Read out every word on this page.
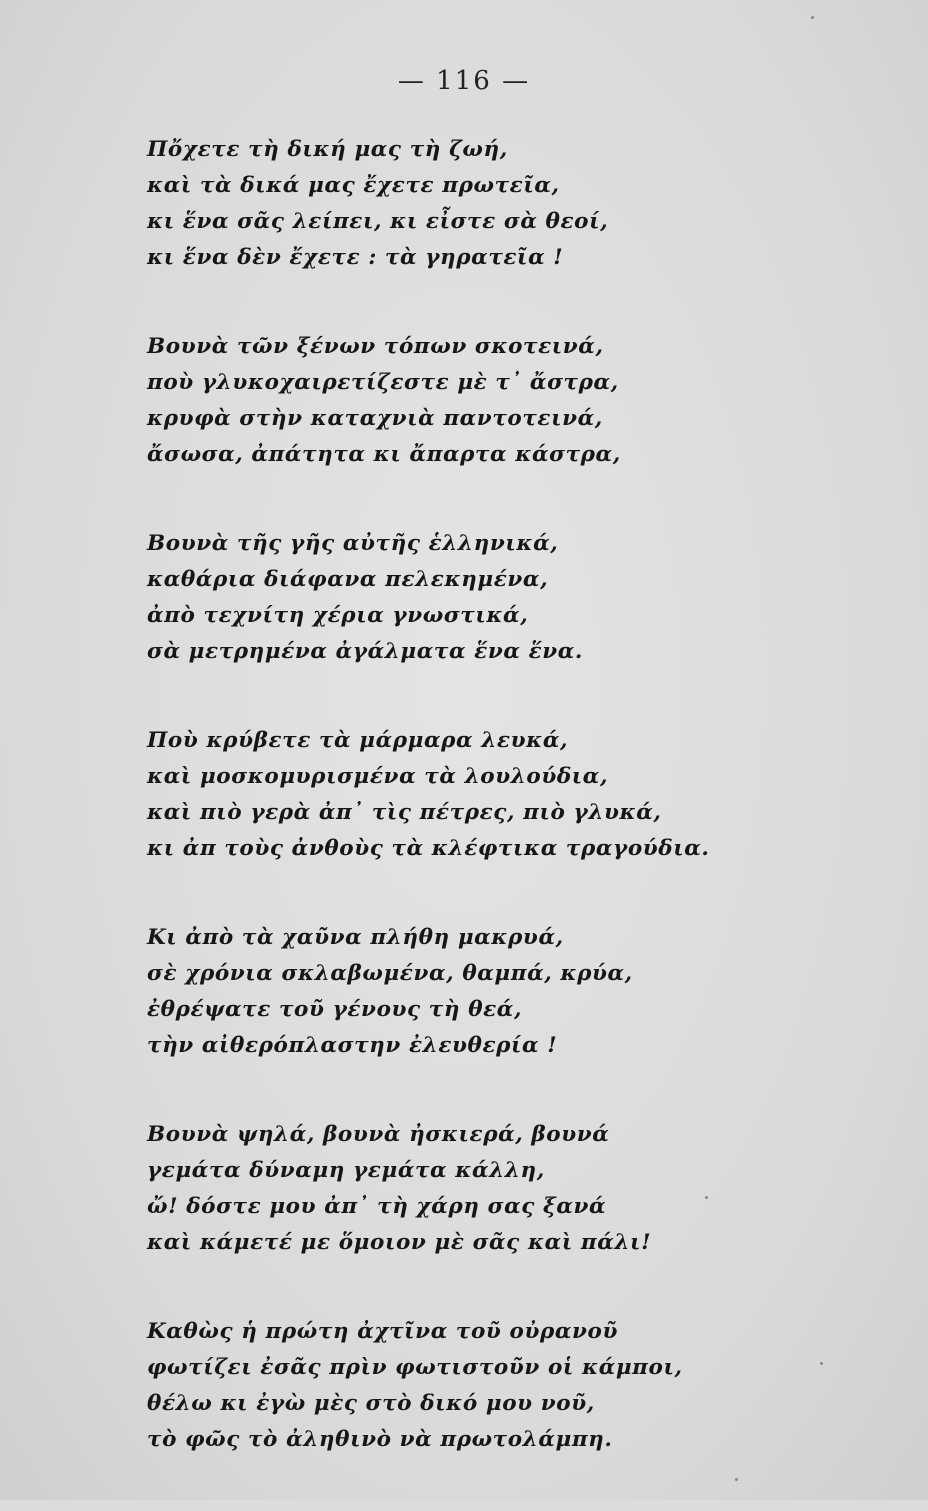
— 116 —
Πὄχετε τὴ δική μας τὴ ζωή,
καὶ τὰ δικά μας ἔχετε πρωτεῖα,
κι ἕνα σᾶς λείπει, κι εἶστε σὰ θεοί,
κι ἕνα δὲν ἔχετε : τὰ γηρατεῖα !
Βουνὰ τῶν ξένων τόπων σκοτεινά,
ποὺ γλυκοχαιρετίζεστε μὲ τ᾽ ἄστρα,
κρυφὰ στὴν καταχνιὰ παντοτεινά,
ἄσωσα, ἀπάτητα κι ἄπαρτα κάστρα,
Βουνὰ τῆς γῆς αὐτῆς ἑλληνικά,
καθάρια διάφανα πελεκημένα,
ἀπὸ τεχνίτη χέρια γνωστικά,
σὰ μετρημένα ἀγάλματα ἕνα ἕνα.
Ποὺ κρύβετε τὰ μάρμαρα λευκά,
καὶ μοσκομυρισμένα τὰ λουλούδια,
καὶ πιὸ γερὰ ἀπ᾽ τὶς πέτρες, πιὸ γλυκά,
κι ἀπ τοὺς ἀνθοὺς τὰ κλέφτικα τραγούδια.
Κι ἀπὸ τὰ χαῦνα πλήθη μακρυά,
σὲ χρόνια σκλαβωμένα, θαμπά, κρύα,
ἐθρέψατε τοῦ γένους τὴ θεά,
τὴν αἰθερόπλαστην ἐλευθερία !
Βουνὰ ψηλά, βουνὰ ἠσκιερά, βουνά
γεμάτα δύναμη γεμάτα κάλλη,
ὤ! δόστε μου ἀπ᾽ τὴ χάρη σας ξανά
καὶ κάμετέ με ὅμοιον μὲ σᾶς καὶ πάλι!
Καθὼς ἡ πρώτη ἀχτῖνα τοῦ οὐρανοῦ
φωτίζει ἐσᾶς πρὶν φωτιστοῦν οἱ κάμποι,
θέλω κι ἐγὼ μὲς στὸ δικό μου νοῦ,
τὸ φῶς τὸ ἀληθινὸ νὰ πρωτολάμπη.
